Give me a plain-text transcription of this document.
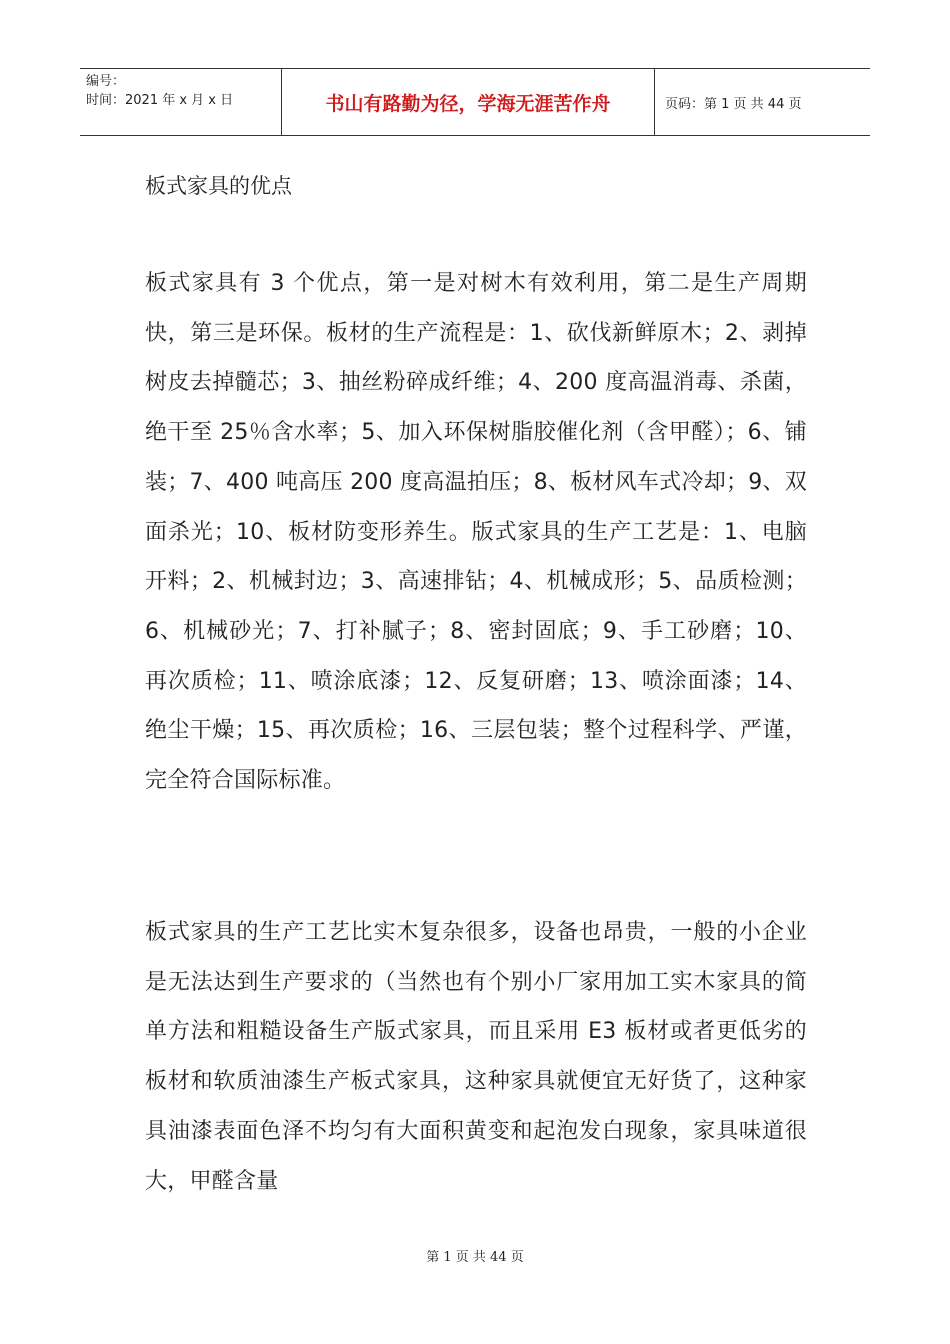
编号：
时间：2021 年 x 月 x 日	书山有路勤为径，学海无涯苦作舟	页码：第 1 页 共 44 页
板式家具的优点

板式家具有 3 个优点，第一是对树木有效利用，第二是生产周期快，第三是环保。板材的生产流程是：1、砍伐新鲜原木；2、剥掉树皮去掉髓芯；3、抽丝粉碎成纤维；4、200 度高温消毒、杀菌，绝干至 25％含水率；5、加入环保树脂胶催化剂（含甲醛）；6、铺装；7、400 吨高压 200 度高温拍压；8、板材风车式冷却；9、双面杀光；10、板材防变形养生。版式家具的生产工艺是：1、电脑开料；2、机械封边；3、高速排钻；4、机械成形；5、品质检测；6、机械砂光；7、打补腻子；8、密封固底；9、手工砂磨；10、再次质检；11、喷涂底漆；12、反复研磨；13、喷涂面漆；14、绝尘干燥；15、再次质检；16、三层包装；整个过程科学、严谨，完全符合国际标准。

板式家具的生产工艺比实木复杂很多，设备也昂贵，一般的小企业是无法达到生产要求的（当然也有个别小厂家用加工实木家具的简单方法和粗糙设备生产版式家具，而且采用 E3 板材或者更低劣的板材和软质油漆生产板式家具，这种家具就便宜无好货了，这种家具油漆表面色泽不均匀有大面积黄变和起泡发白现象，家具味道很大，甲醛含量

第 1 页 共 44 页
